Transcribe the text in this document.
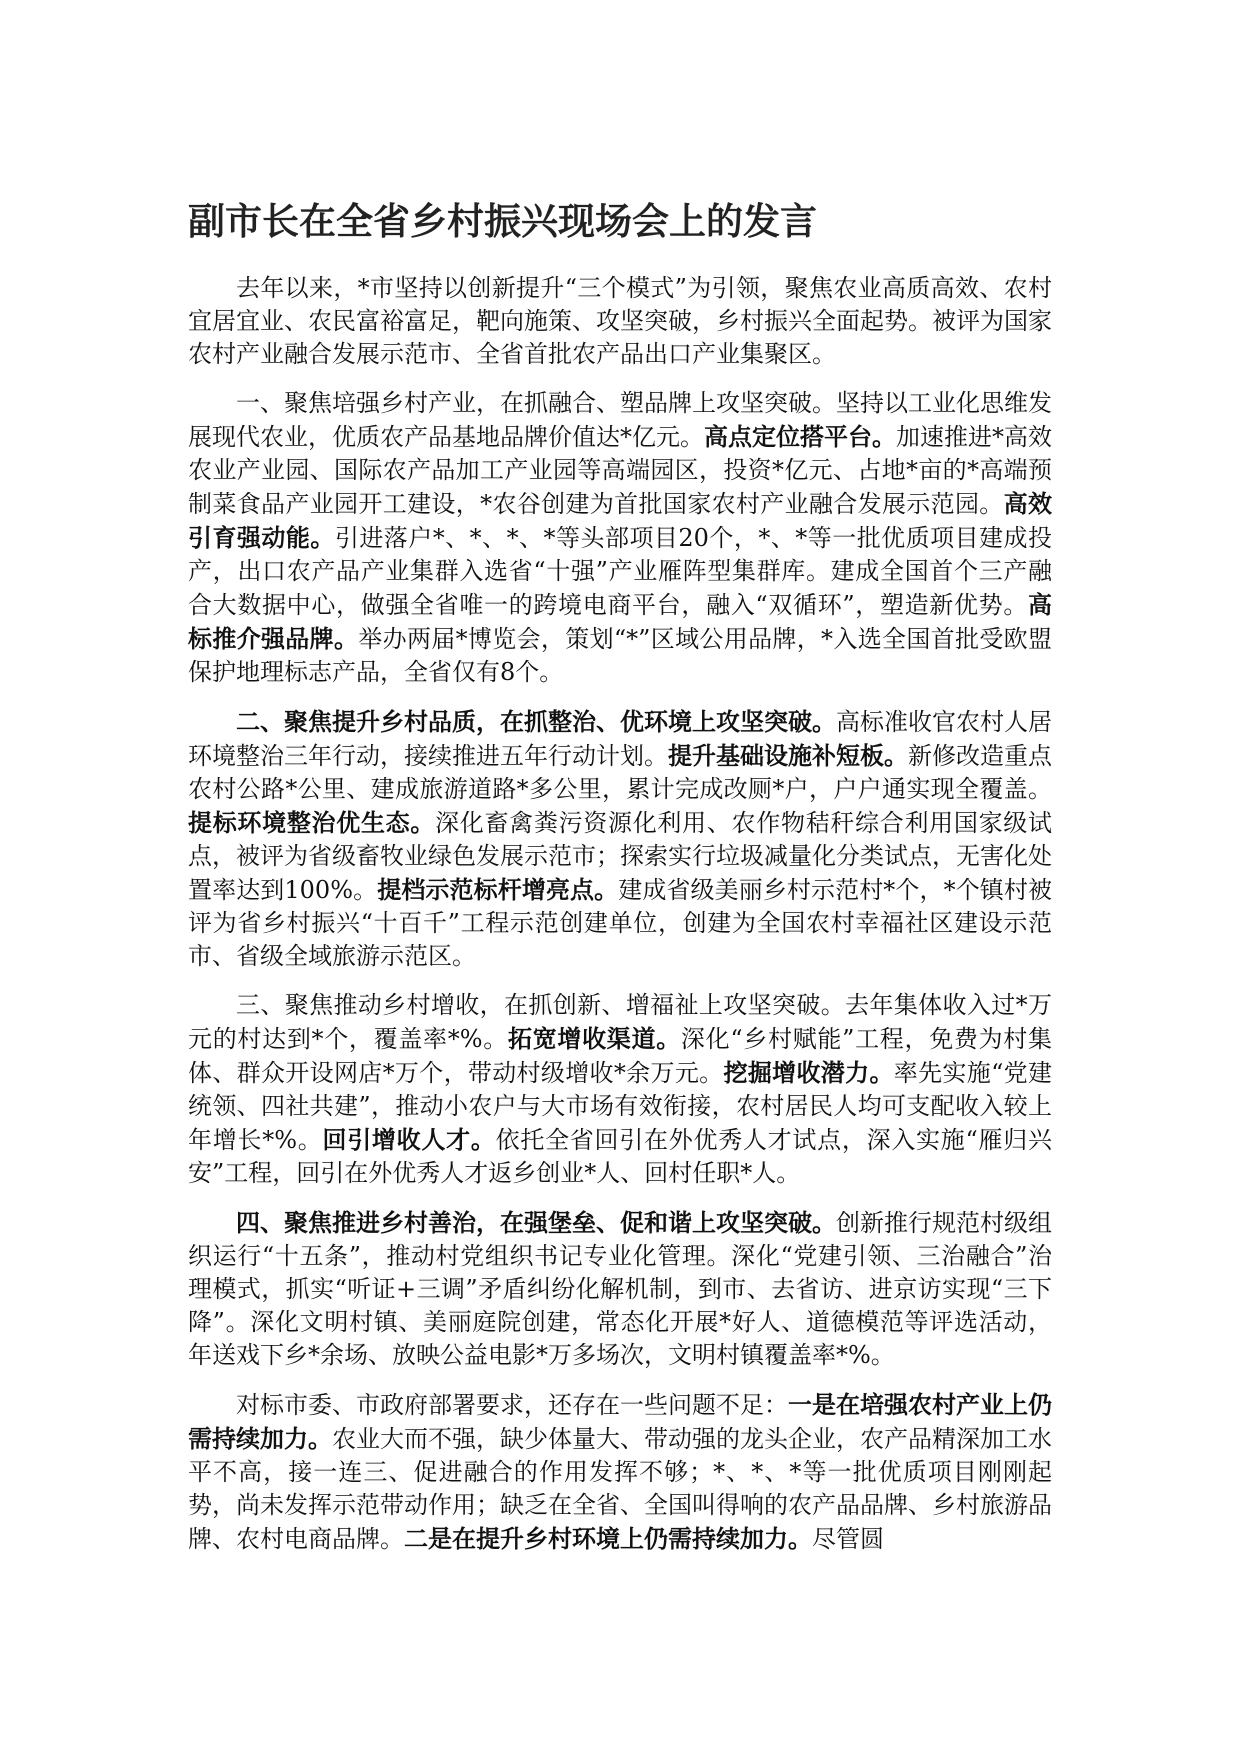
副市长在全省乡村振兴现场会上的发言

去年以来，*市坚持以创新提升“三个模式”为引领，聚焦农业高质高效、农村宜居宜业、农民富裕富足，靶向施策、攻坚突破，乡村振兴全面起势。被评为国家农村产业融合发展示范市、全省首批农产品出口产业集聚区。

一、聚焦培强乡村产业，在抓融合、塑品牌上攻坚突破。坚持以工业化思维发展现代农业，优质农产品基地品牌价值达*亿元。高点定位搭平台。加速推进*高效农业产业园、国际农产品加工产业园等高端园区，投资*亿元、占地*亩的*高端预制菜食品产业园开工建设，*农谷创建为首批国家农村产业融合发展示范园。高效引育强动能。引进落户*、*、*、*等头部项目20个，*、*等一批优质项目建成投产，出口农产品产业集群入选省“十强”产业雁阵型集群库。建成全国首个三产融合大数据中心，做强全省唯一的跨境电商平台，融入“双循环”，塑造新优势。高标推介强品牌。举办两届*博览会，策划“*”区域公用品牌，*入选全国首批受欧盟保护地理标志产品，全省仅有8个。

二、聚焦提升乡村品质，在抓整治、优环境上攻坚突破。高标准收官农村人居环境整治三年行动，接续推进五年行动计划。提升基础设施补短板。新修改造重点农村公路*公里、建成旅游道路*多公里，累计完成改厕*户，户户通实现全覆盖。提标环境整治优生态。深化畜禽粪污资源化利用、农作物秸秆综合利用国家级试点，被评为省级畜牧业绿色发展示范市；探索实行垃圾减量化分类试点，无害化处置率达到100%。提档示范标杆增亮点。建成省级美丽乡村示范村*个，*个镇村被评为省乡村振兴“十百千”工程示范创建单位，创建为全国农村幸福社区建设示范市、省级全域旅游示范区。

三、聚焦推动乡村增收，在抓创新、增福祉上攻坚突破。去年集体收入过*万元的村达到*个，覆盖率*%。拓宽增收渠道。深化“乡村赋能”工程，免费为村集体、群众开设网店*万个，带动村级增收*余万元。挖掘增收潜力。率先实施“党建统领、四社共建”，推动小农户与大市场有效衔接，农村居民人均可支配收入较上年增长*%。回引增收人才。依托全省回引在外优秀人才试点，深入实施“雁归兴安”工程，回引在外优秀人才返乡创业*人、回村任职*人。

四、聚焦推进乡村善治，在强堡垒、促和谐上攻坚突破。创新推行规范村级组织运行“十五条”，推动村党组织书记专业化管理。深化“党建引领、三治融合”治理模式，抓实“听证+三调”矛盾纠纷化解机制，到市、去省访、进京访实现“三下降”。深化文明村镇、美丽庭院创建，常态化开展*好人、道德模范等评选活动，年送戏下乡*余场、放映公益电影*万多场次，文明村镇覆盖率*%。

对标市委、市政府部署要求，还存在一些问题不足：一是在培强农村产业上仍需持续加力。农业大而不强，缺少体量大、带动强的龙头企业，农产品精深加工水平不高，接一连三、促进融合的作用发挥不够；*、*、*等一批优质项目刚刚起势，尚未发挥示范带动作用；缺乏在全省、全国叫得响的农产品品牌、乡村旅游品牌、农村电商品牌。二是在提升乡村环境上仍需持续加力。尽管圆
